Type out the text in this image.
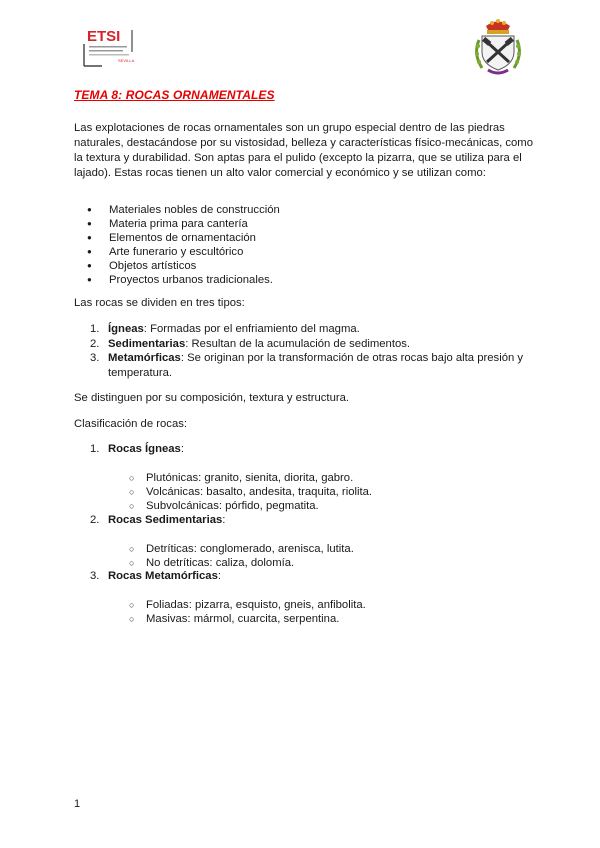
ETSI
SEVILLA
TEMA 8: ROCAS ORNAMENTALES

Las explotaciones de rocas ornamentales son un grupo especial dentro de las piedras naturales, destacándose por su vistosidad, belleza y características físico-mecánicas, como la textura y durabilidad. Son aptas para el pulido (excepto la pizarra, que se utiliza para el lajado). Estas rocas tienen un alto valor comercial y económico y se utilizan como:

● Materiales nobles de construcción
● Materia prima para cantería
● Elementos de ornamentación
● Arte funerario y escultórico
● Objetos artísticos
● Proyectos urbanos tradicionales.

Las rocas se dividen en tres tipos:

1. Ígneas: Formadas por el enfriamiento del magma.
2. Sedimentarias: Resultan de la acumulación de sedimentos.
3. Metamórficas: Se originan por la transformación de otras rocas bajo alta presión y temperatura.

Se distinguen por su composición, textura y estructura.

Clasificación de rocas:

1. Rocas Ígneas:
○ Plutónicas: granito, sienita, diorita, gabro.
○ Volcánicas: basalto, andesita, traquita, riolita.
○ Subvolcánicas: pórfido, pegmatita.
2. Rocas Sedimentarias:
○ Detríticas: conglomerado, arenisca, lutita.
○ No detríticas: caliza, dolomía.
3. Rocas Metamórficas:
○ Foliadas: pizarra, esquisto, gneis, anfibolita.
○ Masivas: mármol, cuarcita, serpentina.
1
